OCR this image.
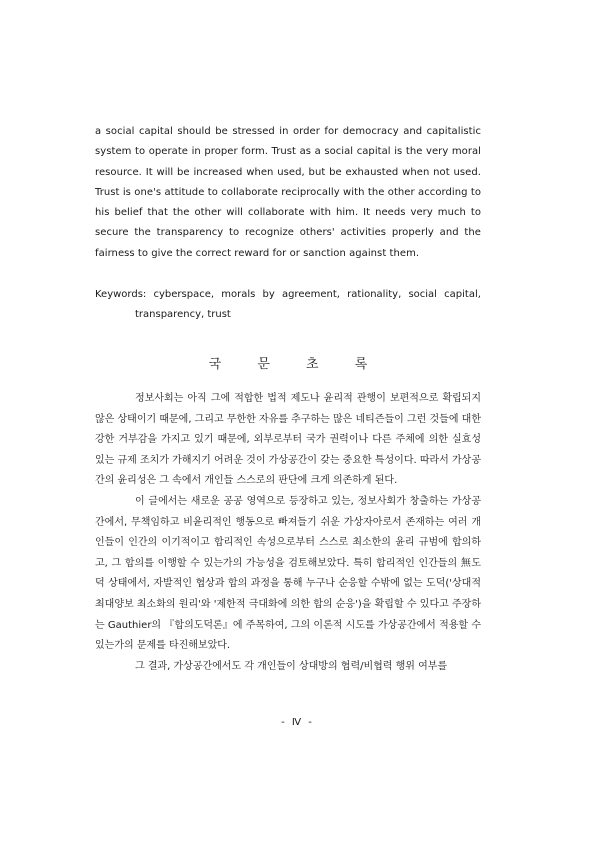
a social capital should be stressed in order for democracy and capitalistic system to operate in proper form. Trust as a social capital is the very moral resource. It will be increased when used, but be exhausted when not used. Trust is one's attitude to collaborate reciprocally with the other according to his belief that the other will collaborate with him. It needs very much to secure the transparency to recognize others' activities properly and the fairness to give the correct reward for or sanction against them.

Keywords: cyberspace, morals by agreement, rationality, social capital,
transparency, trust
국 문 초 록

정보사회는 아직 그에 적합한 법적 제도나 윤리적 관행이 보편적으로 확립되지 않은 상태이기 때문에, 그리고 무한한 자유를 추구하는 많은 네티즌들이 그런 것들에 대한 강한 거부감을 가지고 있기 때문에, 외부로부터 국가 권력이나 다른 주체에 의한 실효성 있는 규제 조치가 가해지기 어려운 것이 가상공간이 갖는 중요한 특성이다. 따라서 가상공간의 윤리성은 그 속에서 개인들 스스로의 판단에 크게 의존하게 된다.

이 글에서는 새로운 공공 영역으로 등장하고 있는, 정보사회가 창출하는 가상공간에서, 무책임하고 비윤리적인 행동으로 빠져들기 쉬운 가상자아로서 존재하는 여러 개인들이 인간의 이기적이고 합리적인 속성으로부터 스스로 최소한의 윤리 규범에 합의하고, 그 합의를 이행할 수 있는가의 가능성을 검토해보았다. 특히 합리적인 인간들의 無도덕 상태에서, 자발적인 협상과 합의 과정을 통해 누구나 순응할 수밖에 없는 도덕('상대적 최대양보 최소화의 원리'와 '제한적 극대화에 의한 합의 순응')을 확립할 수 있다고 주장하는 Gauthier의 『합의도덕론』에 주목하여, 그의 이론적 시도를 가상공간에서 적용할 수 있는가의 문제를 타진해보았다.

그 결과, 가상공간에서도 각 개인들이 상대방의 협력/비협력 행위 여부를

- Ⅳ -
